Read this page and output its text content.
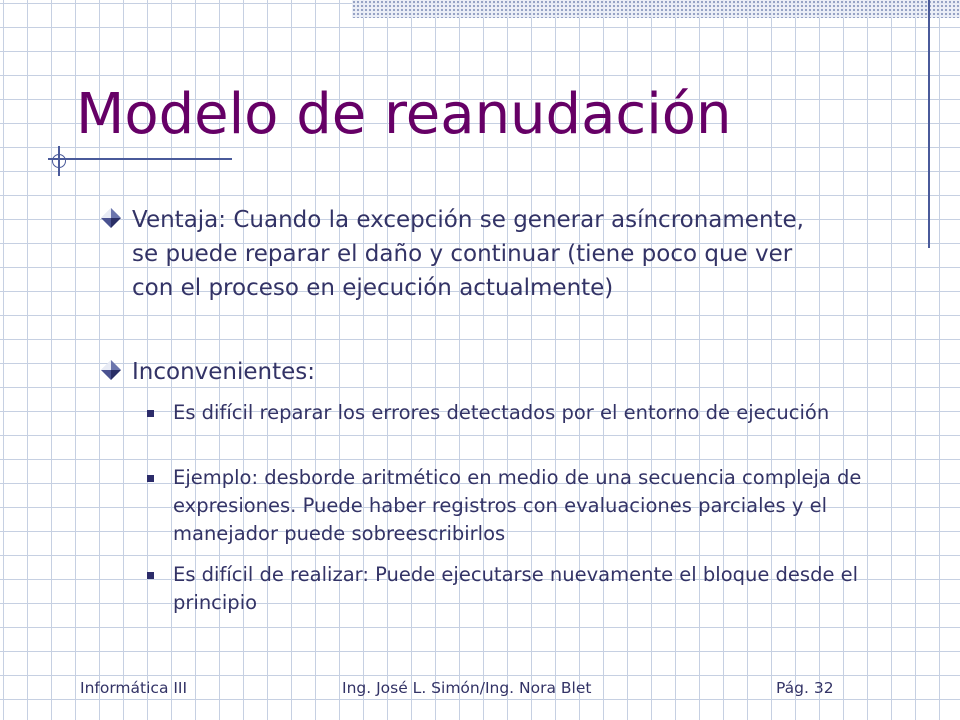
Modelo de reanudación
Ventaja: Cuando la excepción se generar asíncronamente, se puede reparar el daño y continuar (tiene poco que ver con el proceso en ejecución actualmente)
Inconvenientes:
Es difícil reparar los errores detectados por el entorno de ejecución
Ejemplo: desborde aritmético en medio de una secuencia compleja de expresiones. Puede haber registros con evaluaciones parciales y el manejador puede sobreescribirlos
Es difícil de realizar: Puede ejecutarse nuevamente el bloque desde el principio
Informática III	Ing. José L. Simón/Ing. Nora Blet	Pág. 32
